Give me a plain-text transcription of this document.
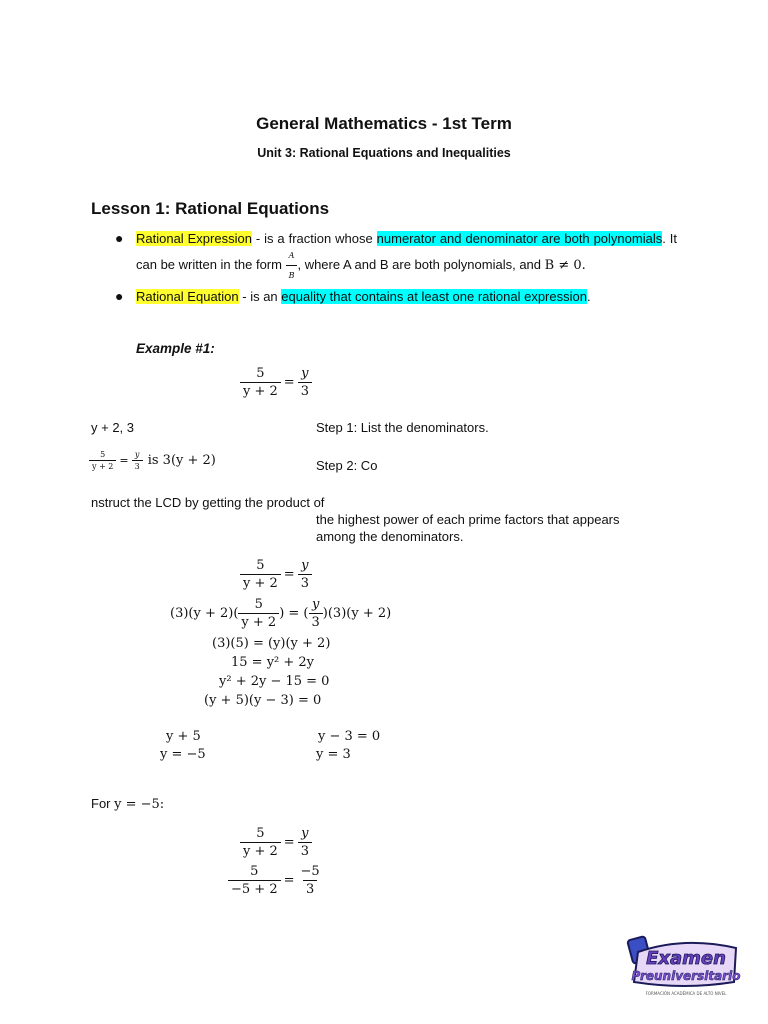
General Mathematics - 1st Term
Unit 3: Rational Equations and Inequalities
Lesson 1: Rational Equations
● Rational Expression - is a fraction whose numerator and denominator are both polynomials. It can be written in the form $\frac{A}{B}$ , where A and B are both polynomials, and B ≠ 0.
● Rational Equation - is an equality that contains at least one rational expression.
Example #1:
$\frac{5}{y + 2} = \frac{y}{3}$
y + 2, 3	Step 1: List the denominators.
$\frac{5}{y + 2} = \frac{y}{3}$ is 3(y + 2)	Step 2: Co
nstruct the LCD by getting the product of
the highest power of each prime factors that appears
among the denominators.
$\frac{5}{y + 2} = \frac{y}{3}$
$(3)(y + 2)( \frac{5}{y + 2}$ ) = ( $\frac{y}{3} )(3)(y + 2)$
(3)(5) = (y)(y + 2)
15 = y² + 2y
y² + 2y − 15 = 0
(y + 5)(y − 3) = 0
y + 5
y = −5
y − 3 = 0
y = 3
For y = −5:
$\frac{5}{y + 2} = \frac{y}{3}$
$\frac{5}{-5 + 2} = \frac{-5}{3}$
Examen
Preuniversitario
FORMACIÓN ACADÉMICA DE ALTO NIVEL
